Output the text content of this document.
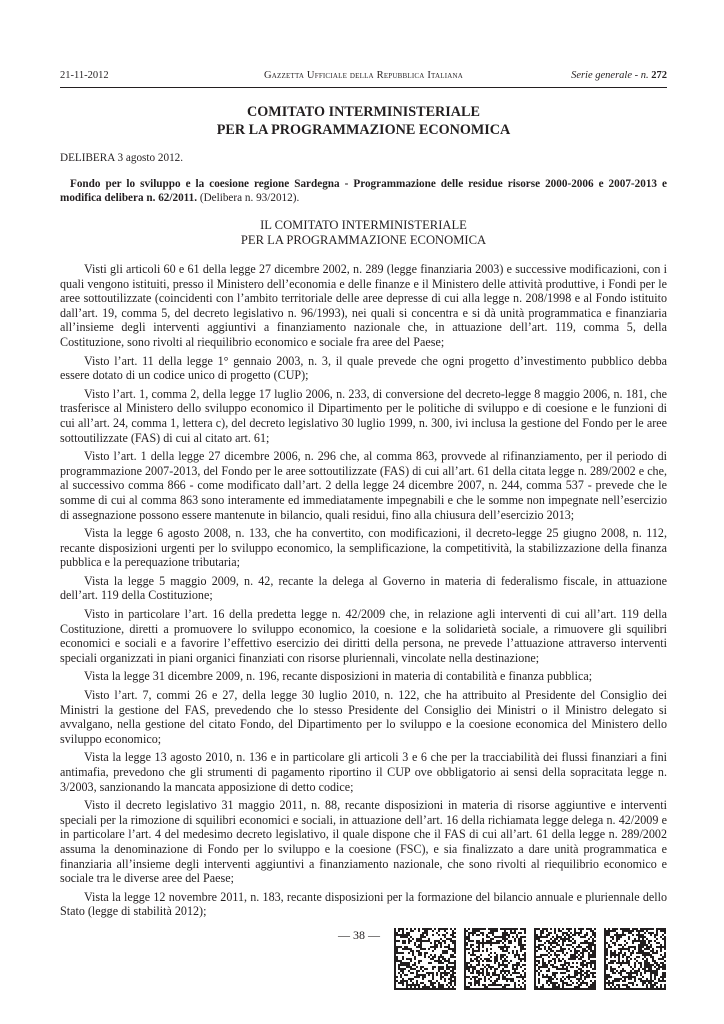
21-11-2012	Gazzetta Ufficiale della Repubblica Italiana	Serie generale - n. 272
COMITATO INTERMINISTERIALE
PER LA PROGRAMMAZIONE ECONOMICA
DELIBERA 3 agosto 2012.
Fondo per lo sviluppo e la coesione regione Sardegna - Programmazione delle residue risorse 2000-2006 e 2007-2013 e modifica delibera n. 62/2011. (Delibera n. 93/2012).
IL COMITATO INTERMINISTERIALE
PER LA PROGRAMMAZIONE ECONOMICA

Visti gli articoli 60 e 61 della legge 27 dicembre 2002, n. 289 (legge finanziaria 2003) e successive modificazioni, con i quali vengono istituiti, presso il Ministero dell’economia e delle finanze e il Ministero delle attività produttive, i Fondi per le aree sottoutilizzate (coincidenti con l’ambito territoriale delle aree depresse di cui alla legge n. 208/1998 e al Fondo istituito dall’art. 19, comma 5, del decreto legislativo n. 96/1993), nei quali si concentra e si dà unità programmatica e finanziaria all’insieme degli interventi aggiuntivi a finanziamento nazionale che, in attuazione dell’art. 119, comma 5, della Costituzione, sono rivolti al riequilibrio economico e sociale fra aree del Paese;

Visto l’art. 11 della legge 1° gennaio 2003, n. 3, il quale prevede che ogni progetto d’investimento pubblico debba essere dotato di un codice unico di progetto (CUP);

Visto l’art. 1, comma 2, della legge 17 luglio 2006, n. 233, di conversione del decreto-legge 8 maggio 2006, n. 181, che trasferisce al Ministero dello sviluppo economico il Dipartimento per le politiche di sviluppo e di coesione e le funzioni di cui all’art. 24, comma 1, lettera c), del decreto legislativo 30 luglio 1999, n. 300, ivi inclusa la gestione del Fondo per le aree sottoutilizzate (FAS) di cui al citato art. 61;

Visto l’art. 1 della legge 27 dicembre 2006, n. 296 che, al comma 863, provvede al rifinanziamento, per il periodo di programmazione 2007-2013, del Fondo per le aree sottoutilizzate (FAS) di cui all’art. 61 della citata legge n. 289/2002 e che, al successivo comma 866 - come modificato dall’art. 2 della legge 24 dicembre 2007, n. 244, comma 537 - prevede che le somme di cui al comma 863 sono interamente ed immediatamente impegnabili e che le somme non impegnate nell’esercizio di assegnazione possono essere mantenute in bilancio, quali residui, fino alla chiusura dell’esercizio 2013;

Vista la legge 6 agosto 2008, n. 133, che ha convertito, con modificazioni, il decreto-legge 25 giugno 2008, n. 112, recante disposizioni urgenti per lo sviluppo economico, la semplificazione, la competitività, la stabilizzazione della finanza pubblica e la perequazione tributaria;

Vista la legge 5 maggio 2009, n. 42, recante la delega al Governo in materia di federalismo fiscale, in attuazione dell’art. 119 della Costituzione;

Visto in particolare l’art. 16 della predetta legge n. 42/2009 che, in relazione agli interventi di cui all’art. 119 della Costituzione, diretti a promuovere lo sviluppo economico, la coesione e la solidarietà sociale, a rimuovere gli squilibri economici e sociali e a favorire l’effettivo esercizio dei diritti della persona, ne prevede l’attuazione attraverso interventi speciali organizzati in piani organici finanziati con risorse pluriennali, vincolate nella destinazione;

Vista la legge 31 dicembre 2009, n. 196, recante disposizioni in materia di contabilità e finanza pubblica;

Visto l’art. 7, commi 26 e 27, della legge 30 luglio 2010, n. 122, che ha attribuito al Presidente del Consiglio dei Ministri la gestione del FAS, prevedendo che lo stesso Presidente del Consiglio dei Ministri o il Ministro delegato si avvalgano, nella gestione del citato Fondo, del Dipartimento per lo sviluppo e la coesione economica del Ministero dello sviluppo economico;

Vista la legge 13 agosto 2010, n. 136 e in particolare gli articoli 3 e 6 che per la tracciabilità dei flussi finanziari a fini antimafia, prevedono che gli strumenti di pagamento riportino il CUP ove obbligatorio ai sensi della sopracitata legge n. 3/2003, sanzionando la mancata apposizione di detto codice;

Visto il decreto legislativo 31 maggio 2011, n. 88, recante disposizioni in materia di risorse aggiuntive e interventi speciali per la rimozione di squilibri economici e sociali, in attuazione dell’art. 16 della richiamata legge delega n. 42/2009 e in particolare l’art. 4 del medesimo decreto legislativo, il quale dispone che il FAS di cui all’art. 61 della legge n. 289/2002 assuma la denominazione di Fondo per lo sviluppo e la coesione (FSC), e sia finalizzato a dare unità programmatica e finanziaria all’insieme degli interventi aggiuntivi a finanziamento nazionale, che sono rivolti al riequilibrio economico e sociale tra le diverse aree del Paese;

Vista la legge 12 novembre 2011, n. 183, recante disposizioni per la formazione del bilancio annuale e pluriennale dello Stato (legge di stabilità 2012);

— 38 —
